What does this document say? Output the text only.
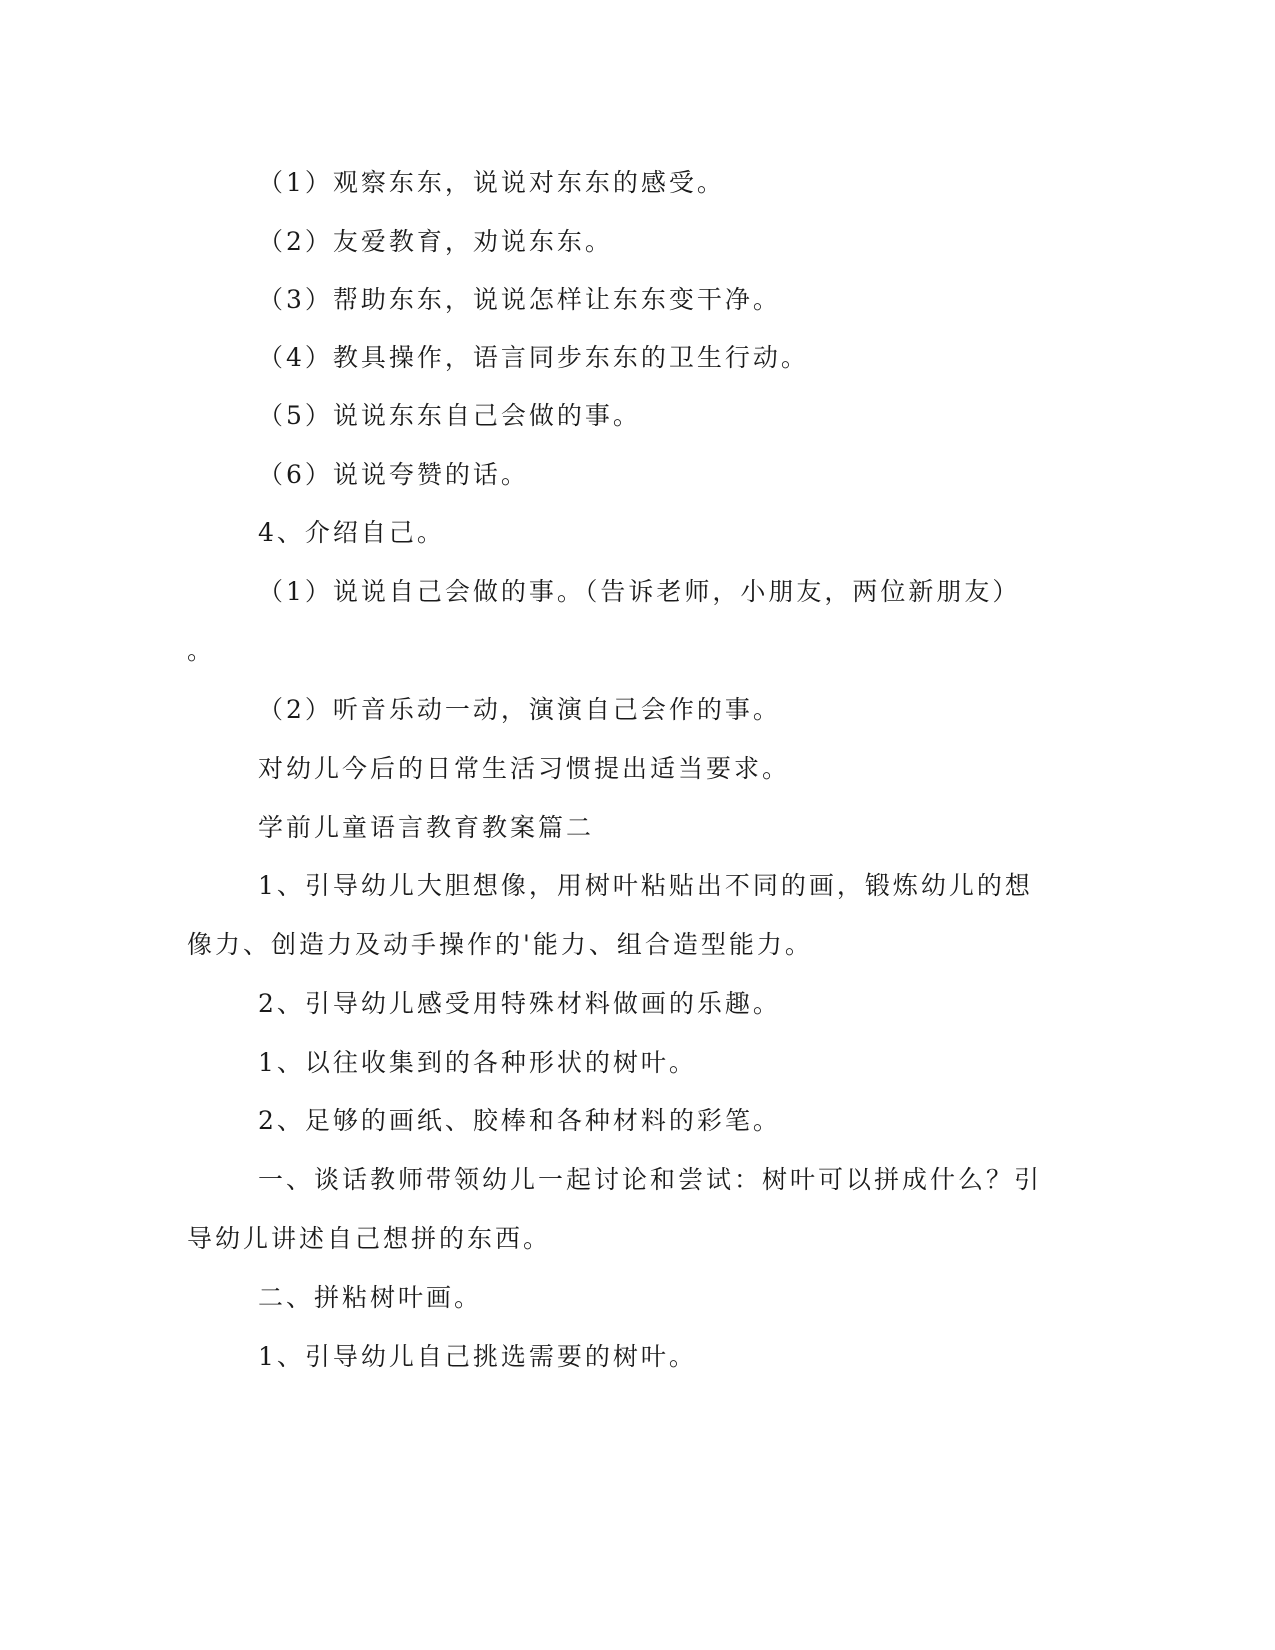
（1）观察东东，说说对东东的感受。
（2）友爱教育，劝说东东。
（3）帮助东东，说说怎样让东东变干净。
（4）教具操作，语言同步东东的卫生行动。
（5）说说东东自己会做的事。
（6）说说夸赞的话。
4、介绍自己。
（1）说说自己会做的事。（告诉老师，小朋友，两位新朋友）
。
（2）听音乐动一动，演演自己会作的事。
对幼儿今后的日常生活习惯提出适当要求。
学前儿童语言教育教案篇二
1、引导幼儿大胆想像，用树叶粘贴出不同的画，锻炼幼儿的想
像力、创造力及动手操作的'能力、组合造型能力。
2、引导幼儿感受用特殊材料做画的乐趣。
1、以往收集到的各种形状的树叶。
2、足够的画纸、胶棒和各种材料的彩笔。
一、谈话教师带领幼儿一起讨论和尝试：树叶可以拼成什么？引
导幼儿讲述自己想拼的东西。
二、拼粘树叶画。
1、引导幼儿自己挑选需要的树叶。
